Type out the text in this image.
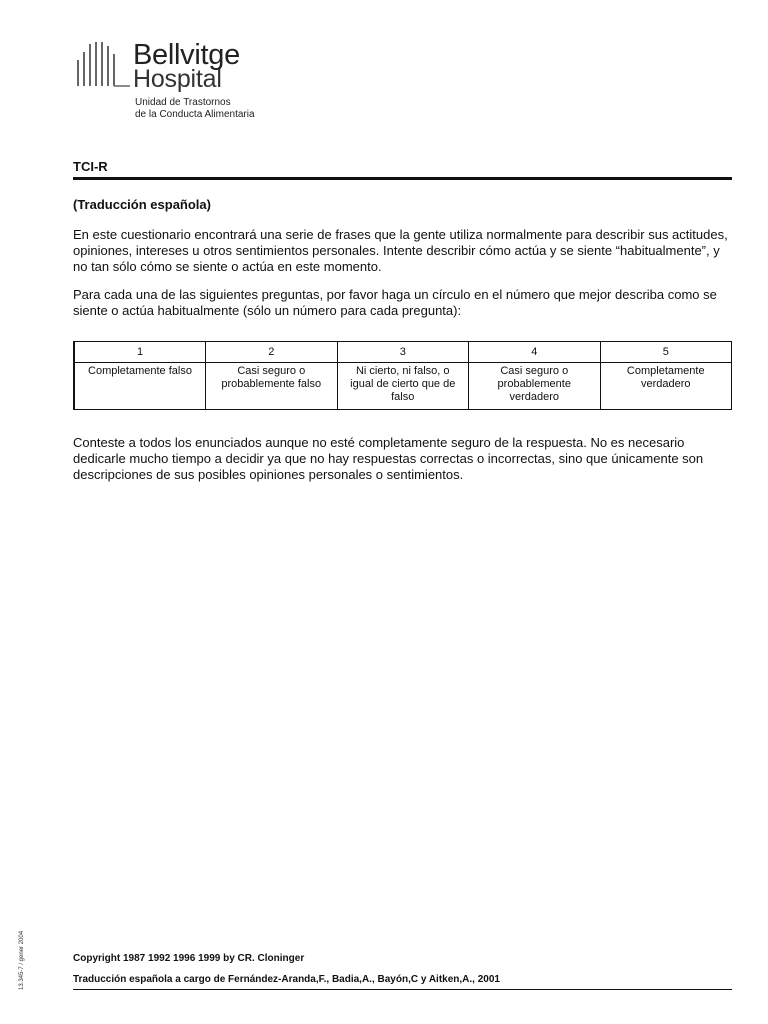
Bellvitge
Hospital
Unidad de Trastornos
de la Conducta Alimentaria
TCI-R
(Traducción española)

En este cuestionario encontrará una serie de frases que la gente utiliza normalmente para describir sus actitudes, opiniones, intereses u otros sentimientos personales. Intente describir cómo actúa y se siente “habitualmente”, y no tan sólo cómo se siente o actúa en este momento.

Para cada una de las siguientes preguntas, por favor haga un círculo en el número que mejor describa como se siente o actúa habitualmente (sólo un número para cada pregunta):

1	2	3	4	5
Completamente falso	Casi seguro o probablemente falso	Ni cierto, ni falso, o igual de cierto que de falso	Casi seguro o probablemente verdadero	Completamente verdadero

Conteste a todos los enunciados aunque no esté completamente seguro de la respuesta. No es necesario dedicarle mucho tiempo a decidir ya que no hay respuestas correctas o incorrectas, sino que únicamente son descripciones de sus posibles opiniones personales o sentimientos.

13.345-7 / gener 2004	Copyright 1987 1992 1996 1999 by CR. Cloninger
Traducción española a cargo de Fernández-Aranda,F., Badia,A., Bayón,C y Aitken,A., 2001
